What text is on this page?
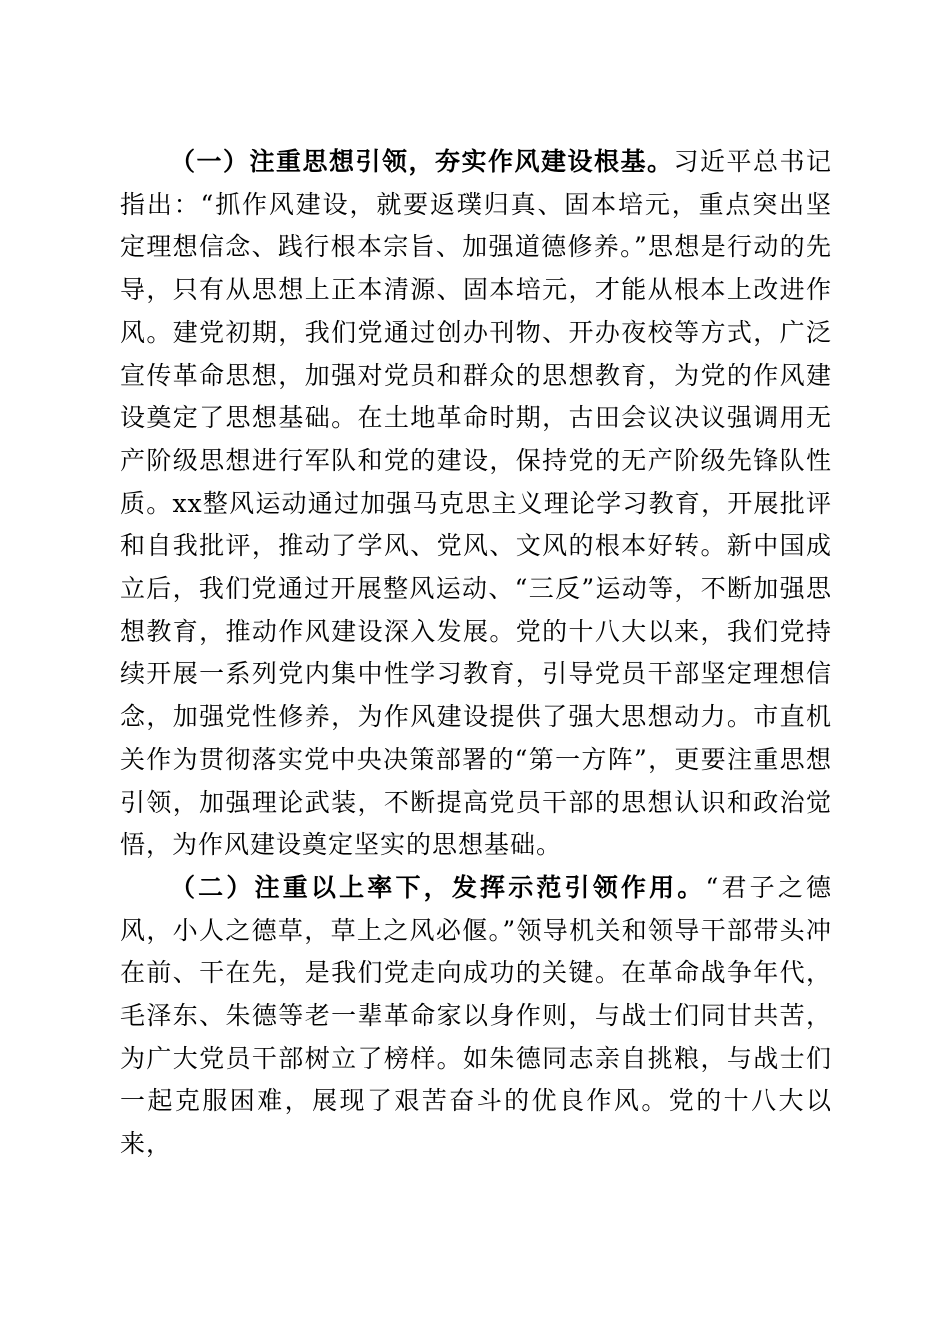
（一）注重思想引领，夯实作风建设根基。习近平总书记指出：“抓作风建设，就要返璞归真、固本培元，重点突出坚定理想信念、践行根本宗旨、加强道德修养。”思想是行动的先导，只有从思想上正本清源、固本培元，才能从根本上改进作风。建党初期，我们党通过创办刊物、开办夜校等方式，广泛宣传革命思想，加强对党员和群众的思想教育，为党的作风建设奠定了思想基础。在土地革命时期，古田会议决议强调用无产阶级思想进行军队和党的建设，保持党的无产阶级先锋队性质。xx整风运动通过加强马克思主义理论学习教育，开展批评和自我批评，推动了学风、党风、文风的根本好转。新中国成立后，我们党通过开展整风运动、“三反”运动等，不断加强思想教育，推动作风建设深入发展。党的十八大以来，我们党持续开展一系列党内集中性学习教育，引导党员干部坚定理想信念，加强党性修养，为作风建设提供了强大思想动力。市直机关作为贯彻落实党中央决策部署的“第一方阵”，更要注重思想引领，加强理论武装，不断提高党员干部的思想认识和政治觉悟，为作风建设奠定坚实的思想基础。

（二）注重以上率下，发挥示范引领作用。“君子之德风，小人之德草，草上之风必偃。”领导机关和领导干部带头冲在前、干在先，是我们党走向成功的关键。在革命战争年代，毛泽东、朱德等老一辈革命家以身作则，与战士们同甘共苦，为广大党员干部树立了榜样。如朱德同志亲自挑粮，与战士们一起克服困难，展现了艰苦奋斗的优良作风。党的十八大以来，
